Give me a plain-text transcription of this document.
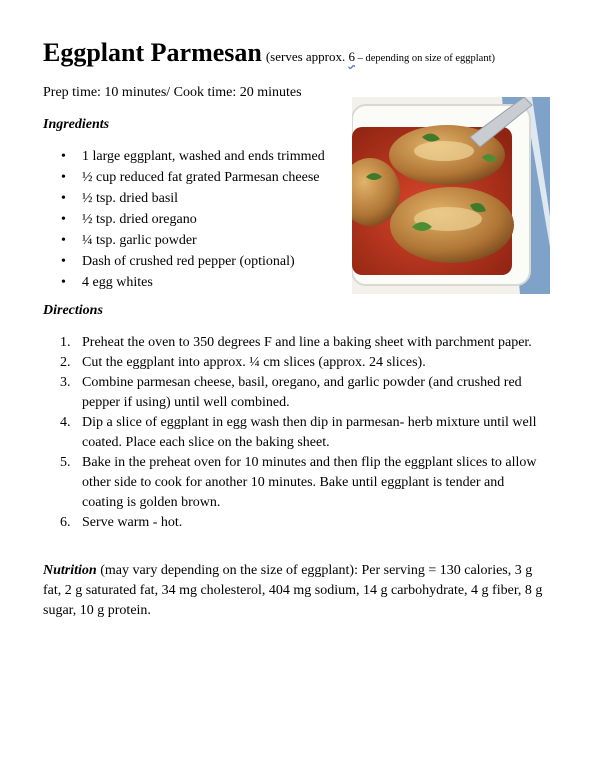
Eggplant Parmesan (serves approx. 6 – depending on size of eggplant)
Prep time: 10 minutes/ Cook time: 20 minutes
Ingredients
• 1 large eggplant, washed and ends trimmed
• ½ cup reduced fat grated Parmesan cheese
• ½ tsp. dried basil
• ½ tsp. dried oregano
• ¼ tsp. garlic powder
• Dash of crushed red pepper (optional)
• 4 egg whites
Directions
1. Preheat the oven to 350 degrees F and line a baking sheet with parchment paper.
2. Cut the eggplant into approx. ¼ cm slices (approx. 24 slices).
3. Combine parmesan cheese, basil, oregano, and garlic powder (and crushed red pepper if using) until well combined.
4. Dip a slice of eggplant in egg wash then dip in parmesan- herb mixture until well coated. Place each slice on the baking sheet.
5. Bake in the preheat oven for 10 minutes and then flip the eggplant slices to allow other side to cook for another 10 minutes. Bake until eggplant is tender and coating is golden brown.
6. Serve warm - hot.
Nutrition (may vary depending on the size of eggplant): Per serving = 130 calories, 3 g fat, 2 g saturated fat, 34 mg cholesterol, 404 mg sodium, 14 g carbohydrate, 4 g fiber, 8 g sugar, 10 g protein.
